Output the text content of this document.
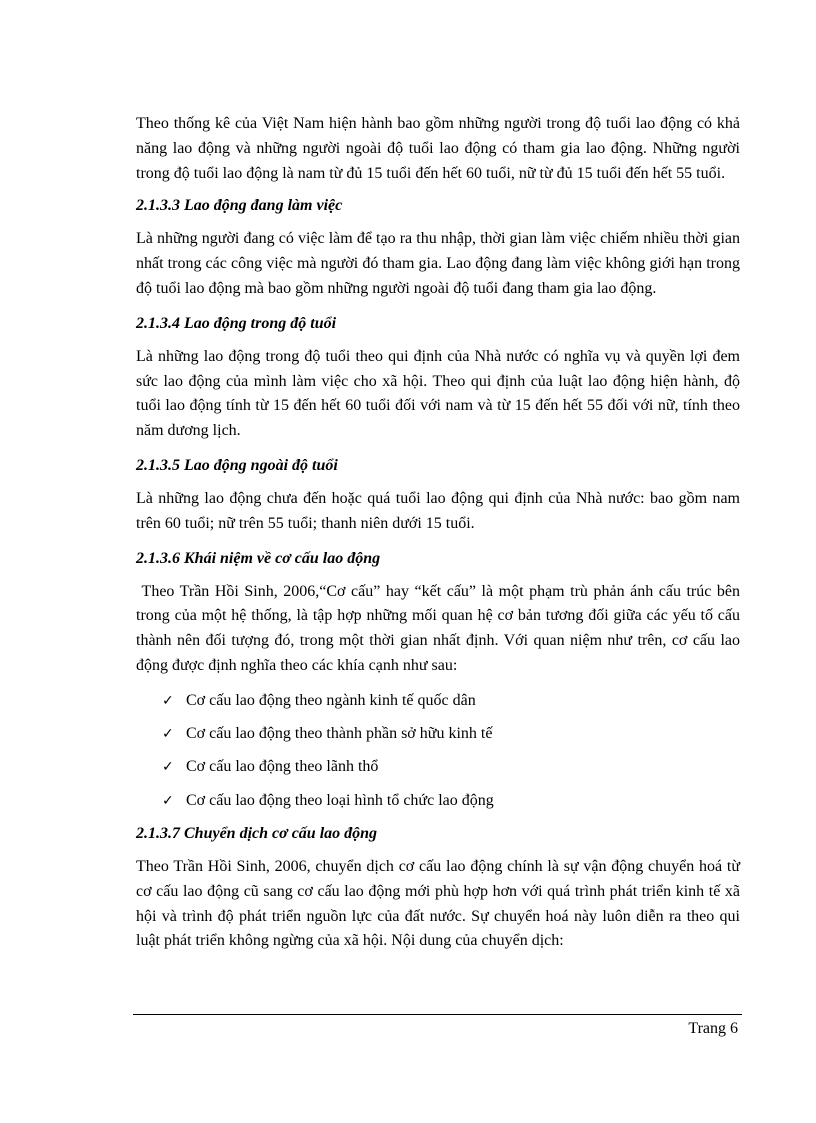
Theo thống kê của Việt Nam hiện hành bao gồm những người trong độ tuổi lao động có khả năng lao động và những người ngoài độ tuổi lao động có tham gia lao động. Những người trong độ tuổi lao động là nam từ đủ 15 tuổi đến hết 60 tuổi, nữ từ đủ 15 tuổi đến hết 55 tuổi.

2.1.3.3 Lao động đang làm việc

Là những người đang có việc làm để tạo ra thu nhập, thời gian làm việc chiếm nhiều thời gian nhất trong các công việc mà người đó tham gia. Lao động đang làm việc không giới hạn trong độ tuổi lao động mà bao gồm những người ngoài độ tuổi đang tham gia lao động.

2.1.3.4 Lao động trong độ tuổi

Là những lao động trong độ tuổi theo qui định của Nhà nước có nghĩa vụ và quyền lợi đem sức lao động của mình làm việc cho xã hội. Theo qui định của luật lao động hiện hành, độ tuổi lao động tính từ 15 đến hết 60 tuổi đối với nam và từ 15 đến hết 55 đối với nữ, tính theo năm dương lịch.

2.1.3.5 Lao động ngoài độ tuổi

Là những lao động chưa đến hoặc quá tuổi lao động qui định của Nhà nước: bao gồm nam trên 60 tuổi; nữ trên 55 tuổi; thanh niên dưới 15 tuổi.

2.1.3.6 Khái niệm về cơ cấu lao động

Theo Trần Hồi Sinh, 2006,“Cơ cấu” hay “kết cấu” là một phạm trù phản ánh cấu trúc bên trong của một hệ thống, là tập hợp những mối quan hệ cơ bản tương đối giữa các yếu tố cấu thành nên đối tượng đó, trong một thời gian nhất định. Với quan niệm như trên, cơ cấu lao động được định nghĩa theo các khía cạnh như sau:

✓ Cơ cấu lao động theo ngành kinh tế quốc dân
✓ Cơ cấu lao động theo thành phần sở hữu kinh tế
✓ Cơ cấu lao động theo lãnh thổ
✓ Cơ cấu lao động theo loại hình tổ chức lao động
2.1.3.7 Chuyển dịch cơ cấu lao động

Theo Trần Hồi Sinh, 2006, chuyển dịch cơ cấu lao động chính là sự vận động chuyển hoá từ cơ cấu lao động cũ sang cơ cấu lao động mới phù hợp hơn với quá trình phát triển kinh tế xã hội và trình độ phát triển nguồn lực của đất nước. Sự chuyển hoá này luôn diễn ra theo qui luật phát triển không ngừng của xã hội. Nội dung của chuyển dịch:

Trang 6
